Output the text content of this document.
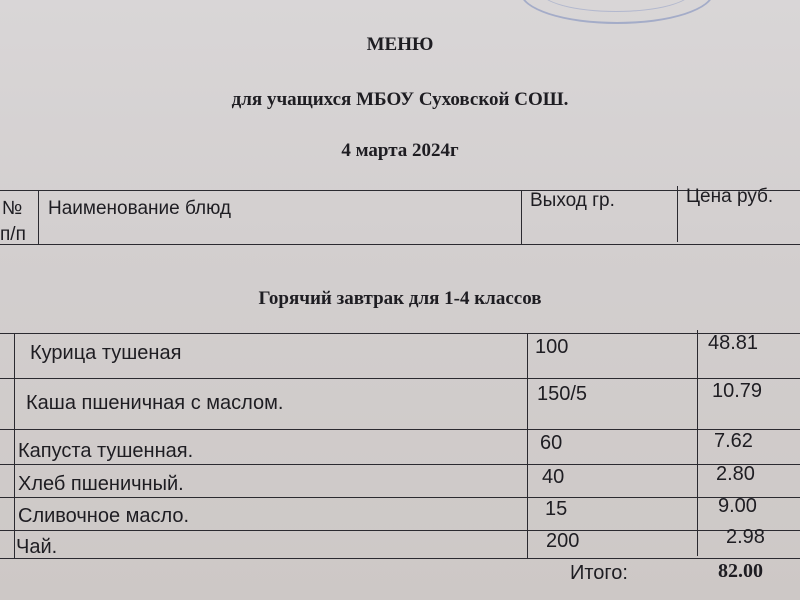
МЕНЮ
для учащихся МБОУ Суховской СОШ.
4 марта 2024г
№
п/п
Наименование блюд	Выход гр.	Цена руб.
Горячий завтрак для 1-4 классов
Курица тушеная	100	48.81
Каша пшеничная с маслом.	150/5	10.79
Капуста тушенная.	60	7.62
Хлеб пшеничный.	40	2.80
Сливочное масло.	15	9.00
Чай.	200	2.98
Итого:	82.00
